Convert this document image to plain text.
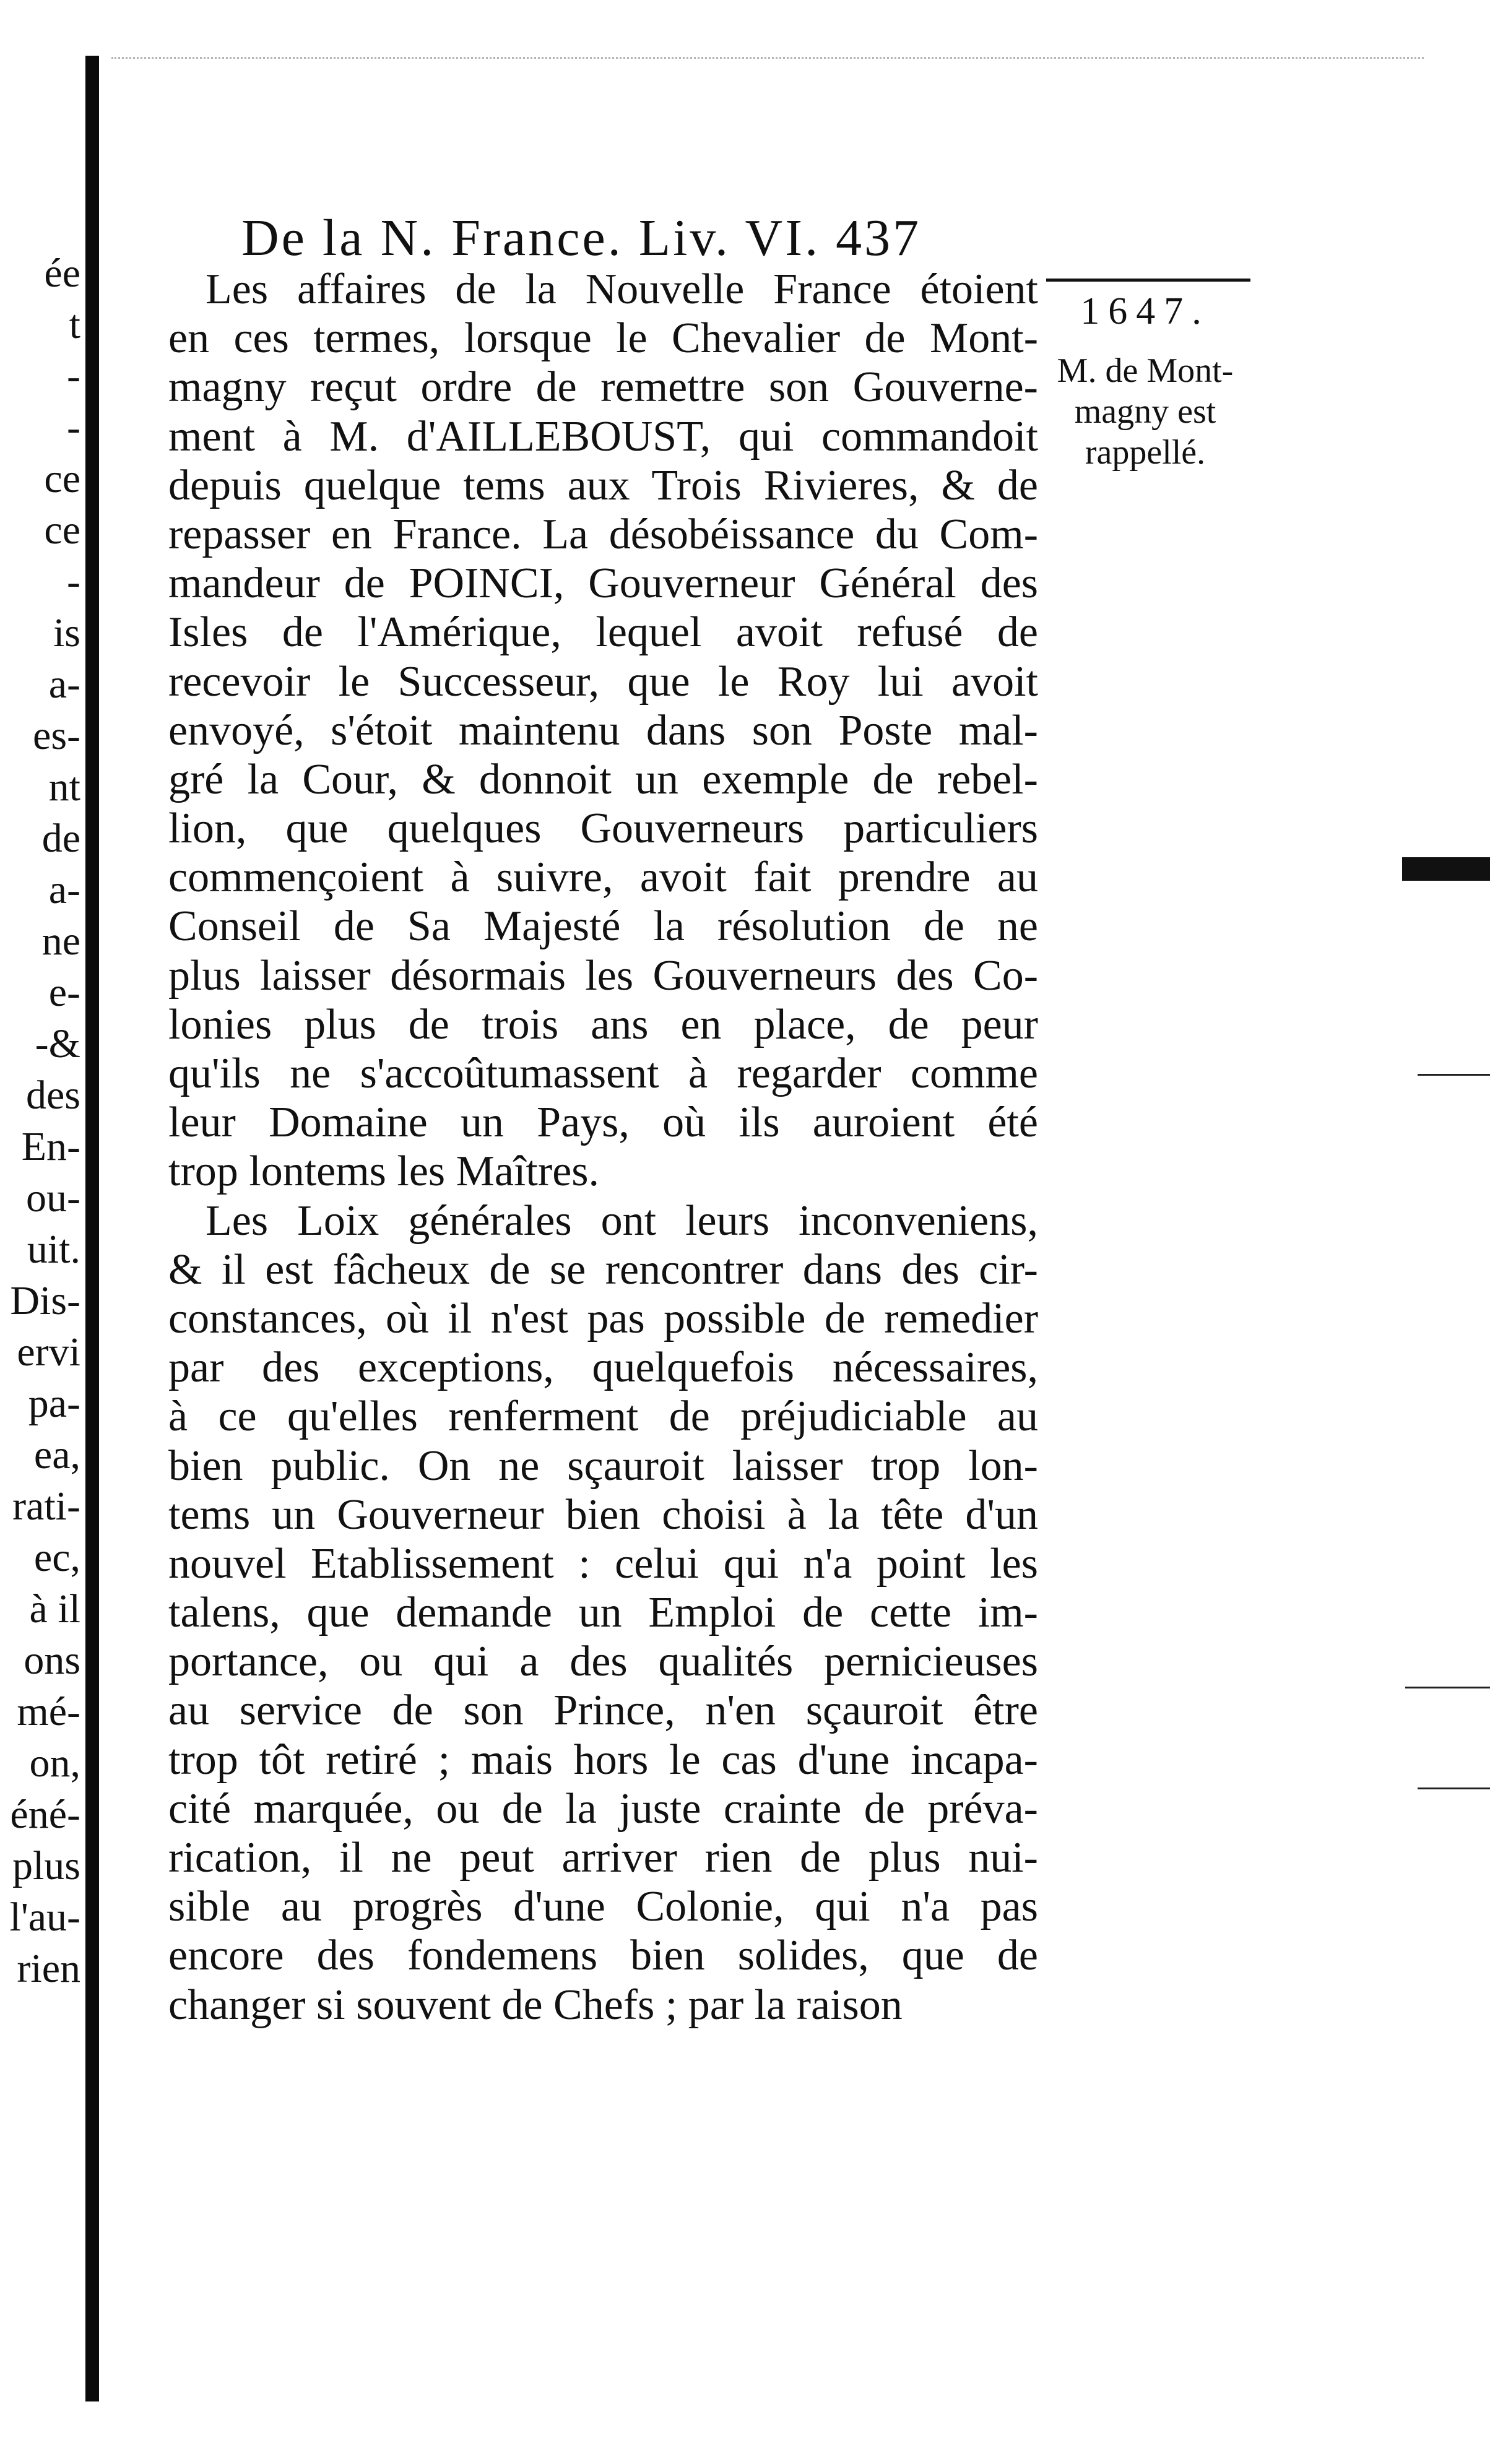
ée
t
-
-
ce
ce
-
is
a-
es-
nt
de
a-
ne
e-
-&
des
En-
ou-
uit.
Dis-
ervi
pa-
ea,
rati-
ec,
à il
ons
mé-
on,
éné-
plus
l'au-
rien
De la N. France. Liv. VI. 437
1647.
M. de Mont-
magny est
rappellé.
Les affaires de la Nouvelle France étoient
en ces termes, lorsque le Chevalier de Mont-
magny reçut ordre de remettre son Gouverne-
ment à M. d'AILLEBOUST, qui commandoit
depuis quelque tems aux Trois Rivieres, & de
repasser en France. La désobéissance du Com-
mandeur de POINCI, Gouverneur Général des
Isles de l'Amérique, lequel avoit refusé de
recevoir le Successeur, que le Roy lui avoit
envoyé, s'étoit maintenu dans son Poste mal-
gré la Cour, & donnoit un exemple de rebel-
lion, que quelques Gouverneurs particuliers
commençoient à suivre, avoit fait prendre au
Conseil de Sa Majesté la résolution de ne
plus laisser désormais les Gouverneurs des Co-
lonies plus de trois ans en place, de peur
qu'ils ne s'accoûtumassent à regarder comme
leur Domaine un Pays, où ils auroient été
trop lontems les Maîtres.
Les Loix générales ont leurs inconveniens,
& il est fâcheux de se rencontrer dans des cir-
constances, où il n'est pas possible de remedier
par des exceptions, quelquefois nécessaires,
à ce qu'elles renferment de préjudiciable au
bien public. On ne sçauroit laisser trop lon-
tems un Gouverneur bien choisi à la tête d'un
nouvel Etablissement : celui qui n'a point les
talens, que demande un Emploi de cette im-
portance, ou qui a des qualités pernicieuses
au service de son Prince, n'en sçauroit être
trop tôt retiré ; mais hors le cas d'une incapa-
cité marquée, ou de la juste crainte de préva-
rication, il ne peut arriver rien de plus nui-
sible au progrès d'une Colonie, qui n'a pas
encore des fondemens bien solides, que de
changer si souvent de Chefs ; par la raison
